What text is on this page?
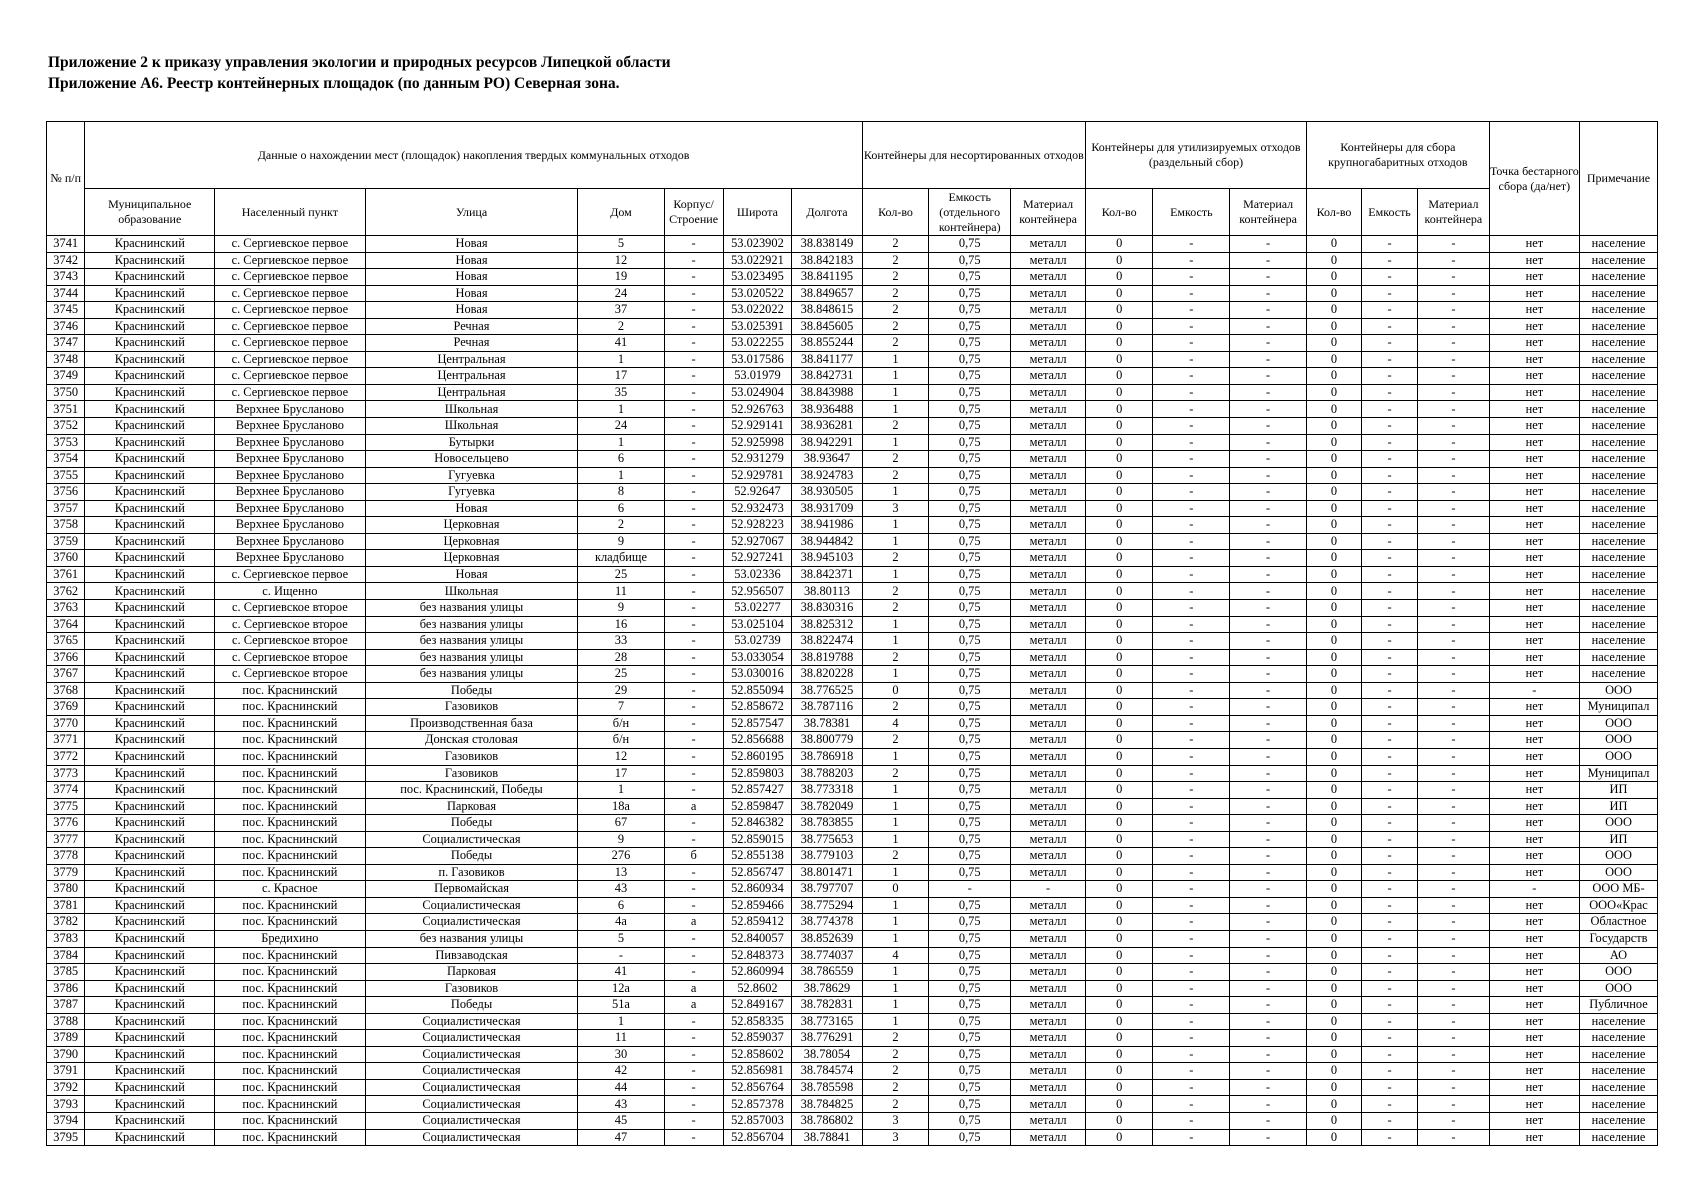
Приложение 2 к приказу управления экологии и природных ресурсов Липецкой области
Приложение А6. Реестр контейнерных площадок (по данным РО) Северная зона.
№ п/п	Данные о нахождении мест (площадок) накопления твердых коммунальных отходов							Контейнеры для несортированных отходов			Контейнеры для утилизируемых отходов (раздельный сбор)			Контейнеры для сбора крупногабаритных отходов			Точка бестарного сбора (да/нет)	Примечание
	Муниципальное образование	Населенный пункт	Улица	Дом	Корпус/ Строение	Широта	Долгота	Кол-во	Емкость (отдельного контейнера)	Материал контейнера	Кол-во	Емкость	Материал контейнера	Кол-во	Емкость	Материал контейнера		
3741	Краснинский	с. Сергиевское первое	Новая	5	-	53.023902	38.838149	2	0,75	металл	0	-	-	0	-	-	нет	население
3742	Краснинский	с. Сергиевское первое	Новая	12	-	53.022921	38.842183	2	0,75	металл	0	-	-	0	-	-	нет	население
3743	Краснинский	с. Сергиевское первое	Новая	19	-	53.023495	38.841195	2	0,75	металл	0	-	-	0	-	-	нет	население
3744	Краснинский	с. Сергиевское первое	Новая	24	-	53.020522	38.849657	2	0,75	металл	0	-	-	0	-	-	нет	население
3745	Краснинский	с. Сергиевское первое	Новая	37	-	53.022022	38.848615	2	0,75	металл	0	-	-	0	-	-	нет	население
3746	Краснинский	с. Сергиевское первое	Речная	2	-	53.025391	38.845605	2	0,75	металл	0	-	-	0	-	-	нет	население
3747	Краснинский	с. Сергиевское первое	Речная	41	-	53.022255	38.855244	2	0,75	металл	0	-	-	0	-	-	нет	население
3748	Краснинский	с. Сергиевское первое	Центральная	1	-	53.017586	38.841177	1	0,75	металл	0	-	-	0	-	-	нет	население
3749	Краснинский	с. Сергиевское первое	Центральная	17	-	53.01979	38.842731	1	0,75	металл	0	-	-	0	-	-	нет	население
3750	Краснинский	с. Сергиевское первое	Центральная	35	-	53.024904	38.843988	1	0,75	металл	0	-	-	0	-	-	нет	население
3751	Краснинский	Верхнее Брусланово	Школьная	1	-	52.926763	38.936488	1	0,75	металл	0	-	-	0	-	-	нет	население
3752	Краснинский	Верхнее Брусланово	Школьная	24	-	52.929141	38.936281	2	0,75	металл	0	-	-	0	-	-	нет	население
3753	Краснинский	Верхнее Брусланово	Бутырки	1	-	52.925998	38.942291	1	0,75	металл	0	-	-	0	-	-	нет	население
3754	Краснинский	Верхнее Брусланово	Новосельцево	6	-	52.931279	38.93647	2	0,75	металл	0	-	-	0	-	-	нет	население
3755	Краснинский	Верхнее Брусланово	Гугуевка	1	-	52.929781	38.924783	2	0,75	металл	0	-	-	0	-	-	нет	население
3756	Краснинский	Верхнее Брусланово	Гугуевка	8	-	52.92647	38.930505	1	0,75	металл	0	-	-	0	-	-	нет	население
3757	Краснинский	Верхнее Брусланово	Новая	6	-	52.932473	38.931709	3	0,75	металл	0	-	-	0	-	-	нет	население
3758	Краснинский	Верхнее Брусланово	Церковная	2	-	52.928223	38.941986	1	0,75	металл	0	-	-	0	-	-	нет	население
3759	Краснинский	Верхнее Брусланово	Церковная	9	-	52.927067	38.944842	1	0,75	металл	0	-	-	0	-	-	нет	население
3760	Краснинский	Верхнее Брусланово	Церковная	кладбище	-	52.927241	38.945103	2	0,75	металл	0	-	-	0	-	-	нет	население
3761	Краснинский	с. Сергиевское первое	Новая	25	-	53.02336	38.842371	1	0,75	металл	0	-	-	0	-	-	нет	население
3762	Краснинский	с. Ищенно	Школьная	11	-	52.956507	38.80113	2	0,75	металл	0	-	-	0	-	-	нет	население
3763	Краснинский	с. Сергиевское второе	без названия улицы	9	-	53.02277	38.830316	2	0,75	металл	0	-	-	0	-	-	нет	население
3764	Краснинский	с. Сергиевское второе	без названия улицы	16	-	53.025104	38.825312	1	0,75	металл	0	-	-	0	-	-	нет	население
3765	Краснинский	с. Сергиевское второе	без названия улицы	33	-	53.02739	38.822474	1	0,75	металл	0	-	-	0	-	-	нет	население
3766	Краснинский	с. Сергиевское второе	без названия улицы	28	-	53.033054	38.819788	2	0,75	металл	0	-	-	0	-	-	нет	население
3767	Краснинский	с. Сергиевское второе	без названия улицы	25	-	53.030016	38.820228	1	0,75	металл	0	-	-	0	-	-	нет	население
3768	Краснинский	пос. Краснинский	Победы	29	-	52.855094	38.776525	0	0,75	металл	0	-	-	0	-	-	-	ООО
3769	Краснинский	пос. Краснинский	Газовиков	7	-	52.858672	38.787116	2	0,75	металл	0	-	-	0	-	-	нет	Муниципал
3770	Краснинский	пос. Краснинский	Производственная база	б/н	-	52.857547	38.78381	4	0,75	металл	0	-	-	0	-	-	нет	ООО
3771	Краснинский	пос. Краснинский	Донская столовая	б/н	-	52.856688	38.800779	2	0,75	металл	0	-	-	0	-	-	нет	ООО
3772	Краснинский	пос. Краснинский	Газовиков	12	-	52.860195	38.786918	1	0,75	металл	0	-	-	0	-	-	нет	ООО
3773	Краснинский	пос. Краснинский	Газовиков	17	-	52.859803	38.788203	2	0,75	металл	0	-	-	0	-	-	нет	Муниципал
3774	Краснинский	пос. Краснинский	пос. Краснинский, Победы	1	-	52.857427	38.773318	1	0,75	металл	0	-	-	0	-	-	нет	ИП
3775	Краснинский	пос. Краснинский	Парковая	18а	а	52.859847	38.782049	1	0,75	металл	0	-	-	0	-	-	нет	ИП
3776	Краснинский	пос. Краснинский	Победы	67	-	52.846382	38.783855	1	0,75	металл	0	-	-	0	-	-	нет	ООО
3777	Краснинский	пос. Краснинский	Социалистическая	9	-	52.859015	38.775653	1	0,75	металл	0	-	-	0	-	-	нет	ИП
3778	Краснинский	пос. Краснинский	Победы	276	б	52.855138	38.779103	2	0,75	металл	0	-	-	0	-	-	нет	ООО
3779	Краснинский	пос. Краснинский	п. Газовиков	13	-	52.856747	38.801471	1	0,75	металл	0	-	-	0	-	-	нет	ООО
3780	Краснинский	с. Красное	Первомайская	43	-	52.860934	38.797707	0	-	-	0	-	-	0	-	-	-	ООО МБ-
3781	Краснинский	пос. Краснинский	Социалистическая	6	-	52.859466	38.775294	1	0,75	металл	0	-	-	0	-	-	нет	ООО«Крас
3782	Краснинский	пос. Краснинский	Социалистическая	4а	а	52.859412	38.774378	1	0,75	металл	0	-	-	0	-	-	нет	Областное
3783	Краснинский	Бредихино	без названия улицы	5	-	52.840057	38.852639	1	0,75	металл	0	-	-	0	-	-	нет	Государств
3784	Краснинский	пос. Краснинский	Пивзаводская	-	-	52.848373	38.774037	4	0,75	металл	0	-	-	0	-	-	нет	АО
3785	Краснинский	пос. Краснинский	Парковая	41	-	52.860994	38.786559	1	0,75	металл	0	-	-	0	-	-	нет	ООО
3786	Краснинский	пос. Краснинский	Газовиков	12а	а	52.8602	38.78629	1	0,75	металл	0	-	-	0	-	-	нет	ООО
3787	Краснинский	пос. Краснинский	Победы	51а	а	52.849167	38.782831	1	0,75	металл	0	-	-	0	-	-	нет	Публичное
3788	Краснинский	пос. Краснинский	Социалистическая	1	-	52.858335	38.773165	1	0,75	металл	0	-	-	0	-	-	нет	население
3789	Краснинский	пос. Краснинский	Социалистическая	11	-	52.859037	38.776291	2	0,75	металл	0	-	-	0	-	-	нет	население
3790	Краснинский	пос. Краснинский	Социалистическая	30	-	52.858602	38.78054	2	0,75	металл	0	-	-	0	-	-	нет	население
3791	Краснинский	пос. Краснинский	Социалистическая	42	-	52.856981	38.784574	2	0,75	металл	0	-	-	0	-	-	нет	население
3792	Краснинский	пос. Краснинский	Социалистическая	44	-	52.856764	38.785598	2	0,75	металл	0	-	-	0	-	-	нет	население
3793	Краснинский	пос. Краснинский	Социалистическая	43	-	52.857378	38.784825	2	0,75	металл	0	-	-	0	-	-	нет	население
3794	Краснинский	пос. Краснинский	Социалистическая	45	-	52.857003	38.786802	3	0,75	металл	0	-	-	0	-	-	нет	население
3795	Краснинский	пос. Краснинский	Социалистическая	47	-	52.856704	38.78841	3	0,75	металл	0	-	-	0	-	-	нет	население
